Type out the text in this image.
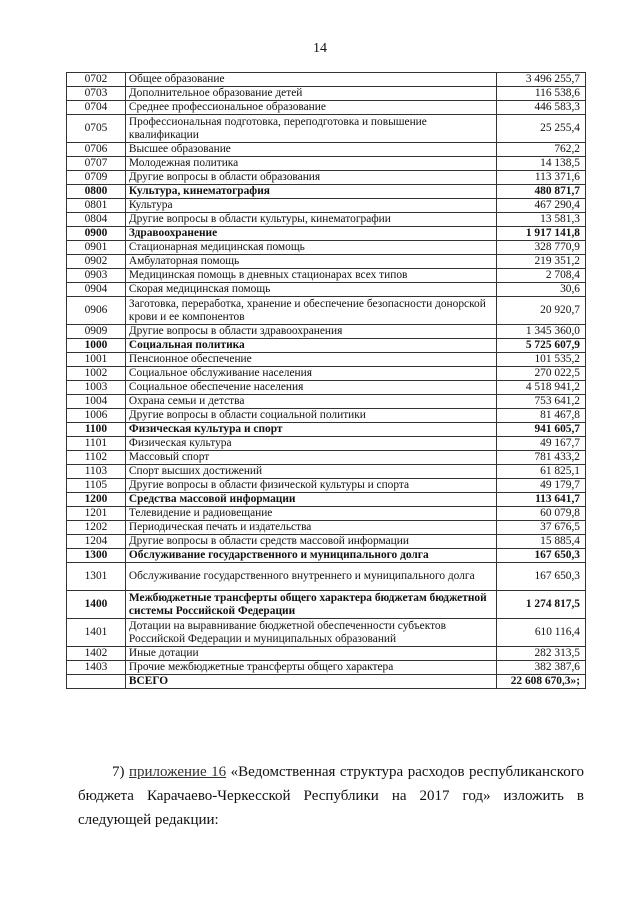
14
0702	Общее образование	3 496 255,7
0703	Дополнительное образование детей	116 538,6
0704	Среднее профессиональное образование	446 583,3
0705	Профессиональная подготовка, переподготовка и повышение квалификации	25 255,4
0706	Высшее образование	762,2
0707	Молодежная политика	14 138,5
0709	Другие вопросы в области образования	113 371,6
0800	Культура, кинематография	480 871,7
0801	Культура	467 290,4
0804	Другие вопросы в области культуры, кинематографии	13 581,3
0900	Здравоохранение	1 917 141,8
0901	Стационарная медицинская помощь	328 770,9
0902	Амбулаторная помощь	219 351,2
0903	Медицинская помощь в дневных стационарах всех типов	2 708,4
0904	Скорая медицинская помощь	30,6
0906	Заготовка, переработка, хранение и обеспечение безопасности донорской крови и ее компонентов	20 920,7
0909	Другие вопросы в области здравоохранения	1 345 360,0
1000	Социальная политика	5 725 607,9
1001	Пенсионное обеспечение	101 535,2
1002	Социальное обслуживание населения	270 022,5
1003	Социальное обеспечение населения	4 518 941,2
1004	Охрана семьи и детства	753 641,2
1006	Другие вопросы в области социальной политики	81 467,8
1100	Физическая культура и спорт	941 605,7
1101	Физическая культура	49 167,7
1102	Массовый спорт	781 433,2
1103	Спорт высших достижений	61 825,1
1105	Другие вопросы в области физической культуры и спорта	49 179,7
1200	Средства массовой информации	113 641,7
1201	Телевидение и радиовещание	60 079,8
1202	Периодическая печать и издательства	37 676,5
1204	Другие вопросы в области средств массовой информации	15 885,4
1300	Обслуживание государственного и муниципального долга	167 650,3
1301	Обслуживание государственного внутреннего и муниципального долга	167 650,3
1400	Межбюджетные трансферты общего характера бюджетам бюджетной системы Российской Федерации	1 274 817,5
1401	Дотации на выравнивание бюджетной обеспеченности субъектов Российской Федерации и муниципальных образований	610 116,4
1402	Иные дотации	282 313,5
1403	Прочие межбюджетные трансферты общего характера	382 387,6
	ВСЕГО	22 608 670,3»;
7) приложение 16 «Ведомственная структура расходов республиканского
бюджета Карачаево-Черкесской Республики на 2017 год» изложить в
следующей редакции:
